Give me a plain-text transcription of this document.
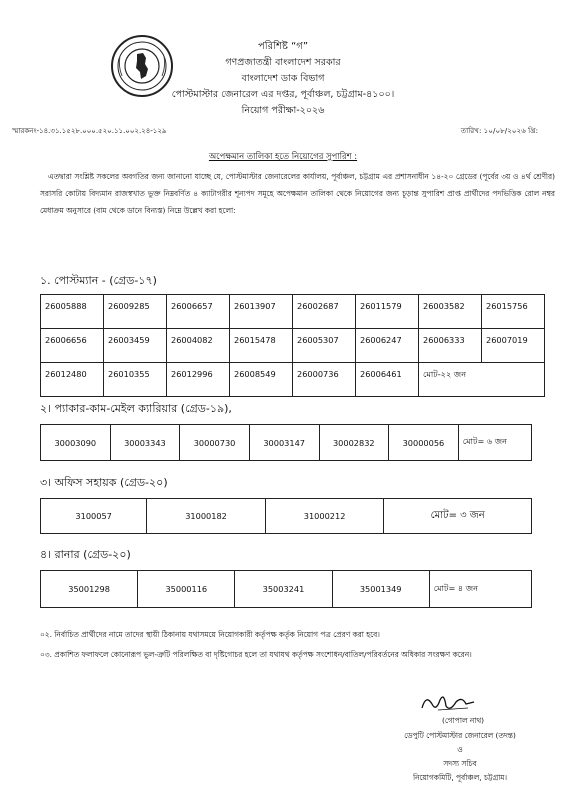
পরিশিষ্ট “গ”
গণপ্রজাতন্ত্রী বাংলাদেশ সরকার
বাংলাদেশ ডাক বিভাগ
পোস্টমাস্টার জেনারেল এর দপ্তর, পূর্বাঞ্চল, চট্টগ্রাম-৪১০০।
নিয়োগ পরীক্ষা-২০২৬
স্মারকনং-১৪.৩১.১৫২৮.০০০.৫২০.১১.০০২.২৪-১২৯	তারিখ: ১০/০৮/২০২৬ খ্রি:
অপেক্ষমান তালিকা হতে নিয়োগের সুপারিশ :
এতদ্বারা সংশ্লিষ্ট সকলের অবগতির জন্য জানানো যাচ্ছে যে, পোস্টমাস্টার জেনারেলের কার্যালয়, পূর্বাঞ্চল, চট্টগ্রাম এর প্রশাসনাধীন ১৪-২০ গ্রেডের (পূর্বের ৩য় ও ৪র্থ শ্রেণীর) সরাসরি কোটায় বিদ্যমান রাজস্বখাত ভুক্ত নিম্নবর্ণিত ৪ ক্যাটাগরীর শূন্যপদ সমূহে অপেক্ষমান তালিকা থেকে নিয়োগের জন্য চূড়ান্ত সুপারিশ প্রাপ্ত প্রার্থীদের পদভিত্তিক রোল নম্বর মেধাক্রম অনুসারে (বাম থেকে ডানে বিন্যস্ত) নিম্নে উল্লেখ করা হলো:
১. পোস্টম্যান - (গ্রেড-১৭)
26005888	26009285	26006657	26013907	26002687	26011579	26003582	26015756
26006656	26003459	26004082	26015478	26005307	26006247	26006333	26007019
26012480	26010355	26012996	26008549	26000736	26006461	মোট-২২ জন	
২। প্যাকার-কাম-মেইল ক্যারিয়ার (গ্রেড-১৯),
30003090	30003343	30000730	30003147	30002832	30000056	মোট= ৬ জন
৩। অফিস সহায়ক (গ্রেড-২০)
3100057	31000182	31000212	মোট= ৩ জন
৪। রানার (গ্রেড-২০)
35001298	35000116	35003241	35001349	মোট= ৪ জন
০২. নির্বাচিত প্রার্থীদের নামে তাদের স্থায়ী ঠিকানায় যথাসময়ে নিয়োগকারী কর্তৃপক্ষ কর্তৃক নিয়োগ পত্র প্রেরণ করা হবে।
০৩. প্রকাশিত ফলাফলে কোনোরূপ ভুল-ত্রুটি পরিলক্ষিত বা দৃষ্টিগোচর হলে তা যথাযথ কর্তৃপক্ষ সংশোধন/বাতিল/পরিবর্তনের অধিকার সংরক্ষণ করেন।
(গোপাল নাথ)
ডেপুটি পোস্টমাস্টার জেনারেল (তদন্ত)
ও
সদস্য সচিব
নিয়োগকমিটি, পূর্বাঞ্চল, চট্টগ্রাম।
